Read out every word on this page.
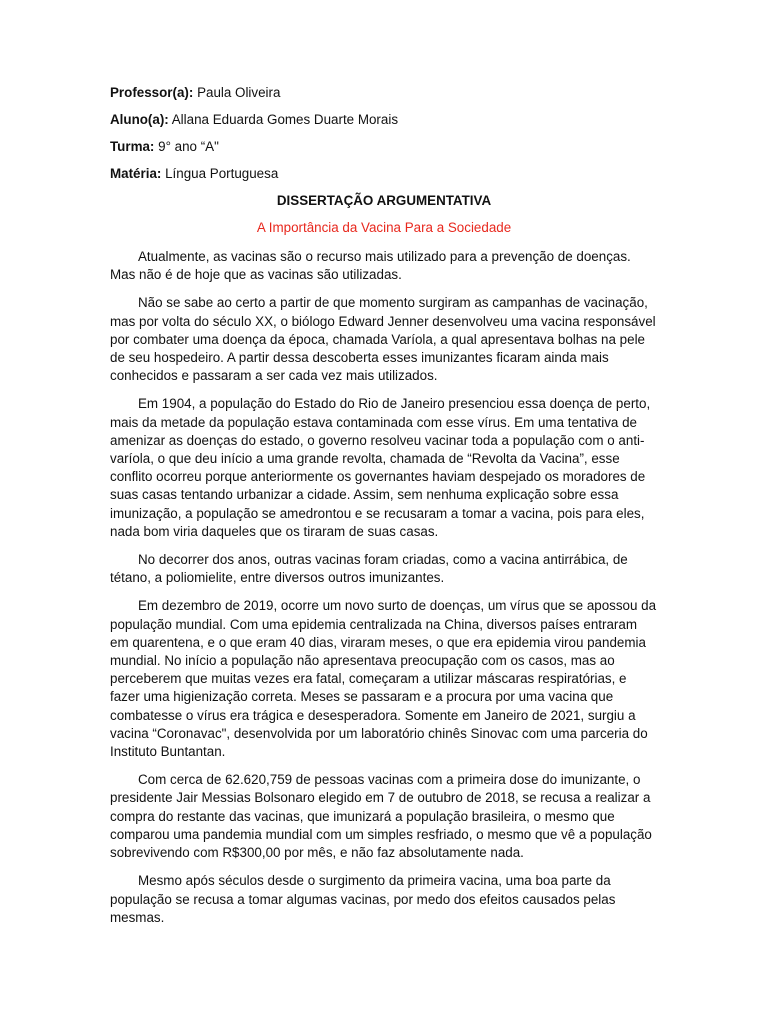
Professor(a): Paula Oliveira
Aluno(a): Allana Eduarda Gomes Duarte Morais
Turma: 9° ano “A"
Matéria: Língua Portuguesa
DISSERTAÇÃO ARGUMENTATIVA
A Importância da Vacina Para a Sociedade

Atualmente, as vacinas são o recurso mais utilizado para a prevenção de doenças. Mas não é de hoje que as vacinas são utilizadas.

Não se sabe ao certo a partir de que momento surgiram as campanhas de vacinação, mas por volta do século XX, o biólogo Edward Jenner desenvolveu uma vacina responsável por combater uma doença da época, chamada Varíola, a qual apresentava bolhas na pele de seu hospedeiro. A partir dessa descoberta esses imunizantes ficaram ainda mais conhecidos e passaram a ser cada vez mais utilizados.

Em 1904, a população do Estado do Rio de Janeiro presenciou essa doença de perto, mais da metade da população estava contaminada com esse vírus. Em uma tentativa de amenizar as doenças do estado, o governo resolveu vacinar toda a população com o anti-varíola, o que deu início a uma grande revolta, chamada de “Revolta da Vacina”, esse conflito ocorreu porque anteriormente os governantes haviam despejado os moradores de suas casas tentando urbanizar a cidade. Assim, sem nenhuma explicação sobre essa imunização, a população se amedrontou e se recusaram a tomar a vacina, pois para eles, nada bom viria daqueles que os tiraram de suas casas.

No decorrer dos anos, outras vacinas foram criadas, como a vacina antirrábica, de tétano, a poliomielite, entre diversos outros imunizantes.

Em dezembro de 2019, ocorre um novo surto de doenças, um vírus que se apossou da população mundial. Com uma epidemia centralizada na China, diversos países entraram em quarentena, e o que eram 40 dias, viraram meses, o que era epidemia virou pandemia mundial. No início a população não apresentava preocupação com os casos, mas ao perceberem que muitas vezes era fatal, começaram a utilizar máscaras respiratórias, e fazer uma higienização correta. Meses se passaram e a procura por uma vacina que combatesse o vírus era trágica e desesperadora. Somente em Janeiro de 2021, surgiu a vacina “Coronavac", desenvolvida por um laboratório chinês Sinovac com uma parceria do Instituto Buntantan.

Com cerca de 62.620,759 de pessoas vacinas com a primeira dose do imunizante, o presidente Jair Messias Bolsonaro elegido em 7 de outubro de 2018, se recusa a realizar a compra do restante das vacinas, que imunizará a população brasileira, o mesmo que comparou uma pandemia mundial com um simples resfriado, o mesmo que vê a população sobrevivendo com R$300,00 por mês, e não faz absolutamente nada.

Mesmo após séculos desde o surgimento da primeira vacina, uma boa parte da população se recusa a tomar algumas vacinas, por medo dos efeitos causados pelas mesmas.
